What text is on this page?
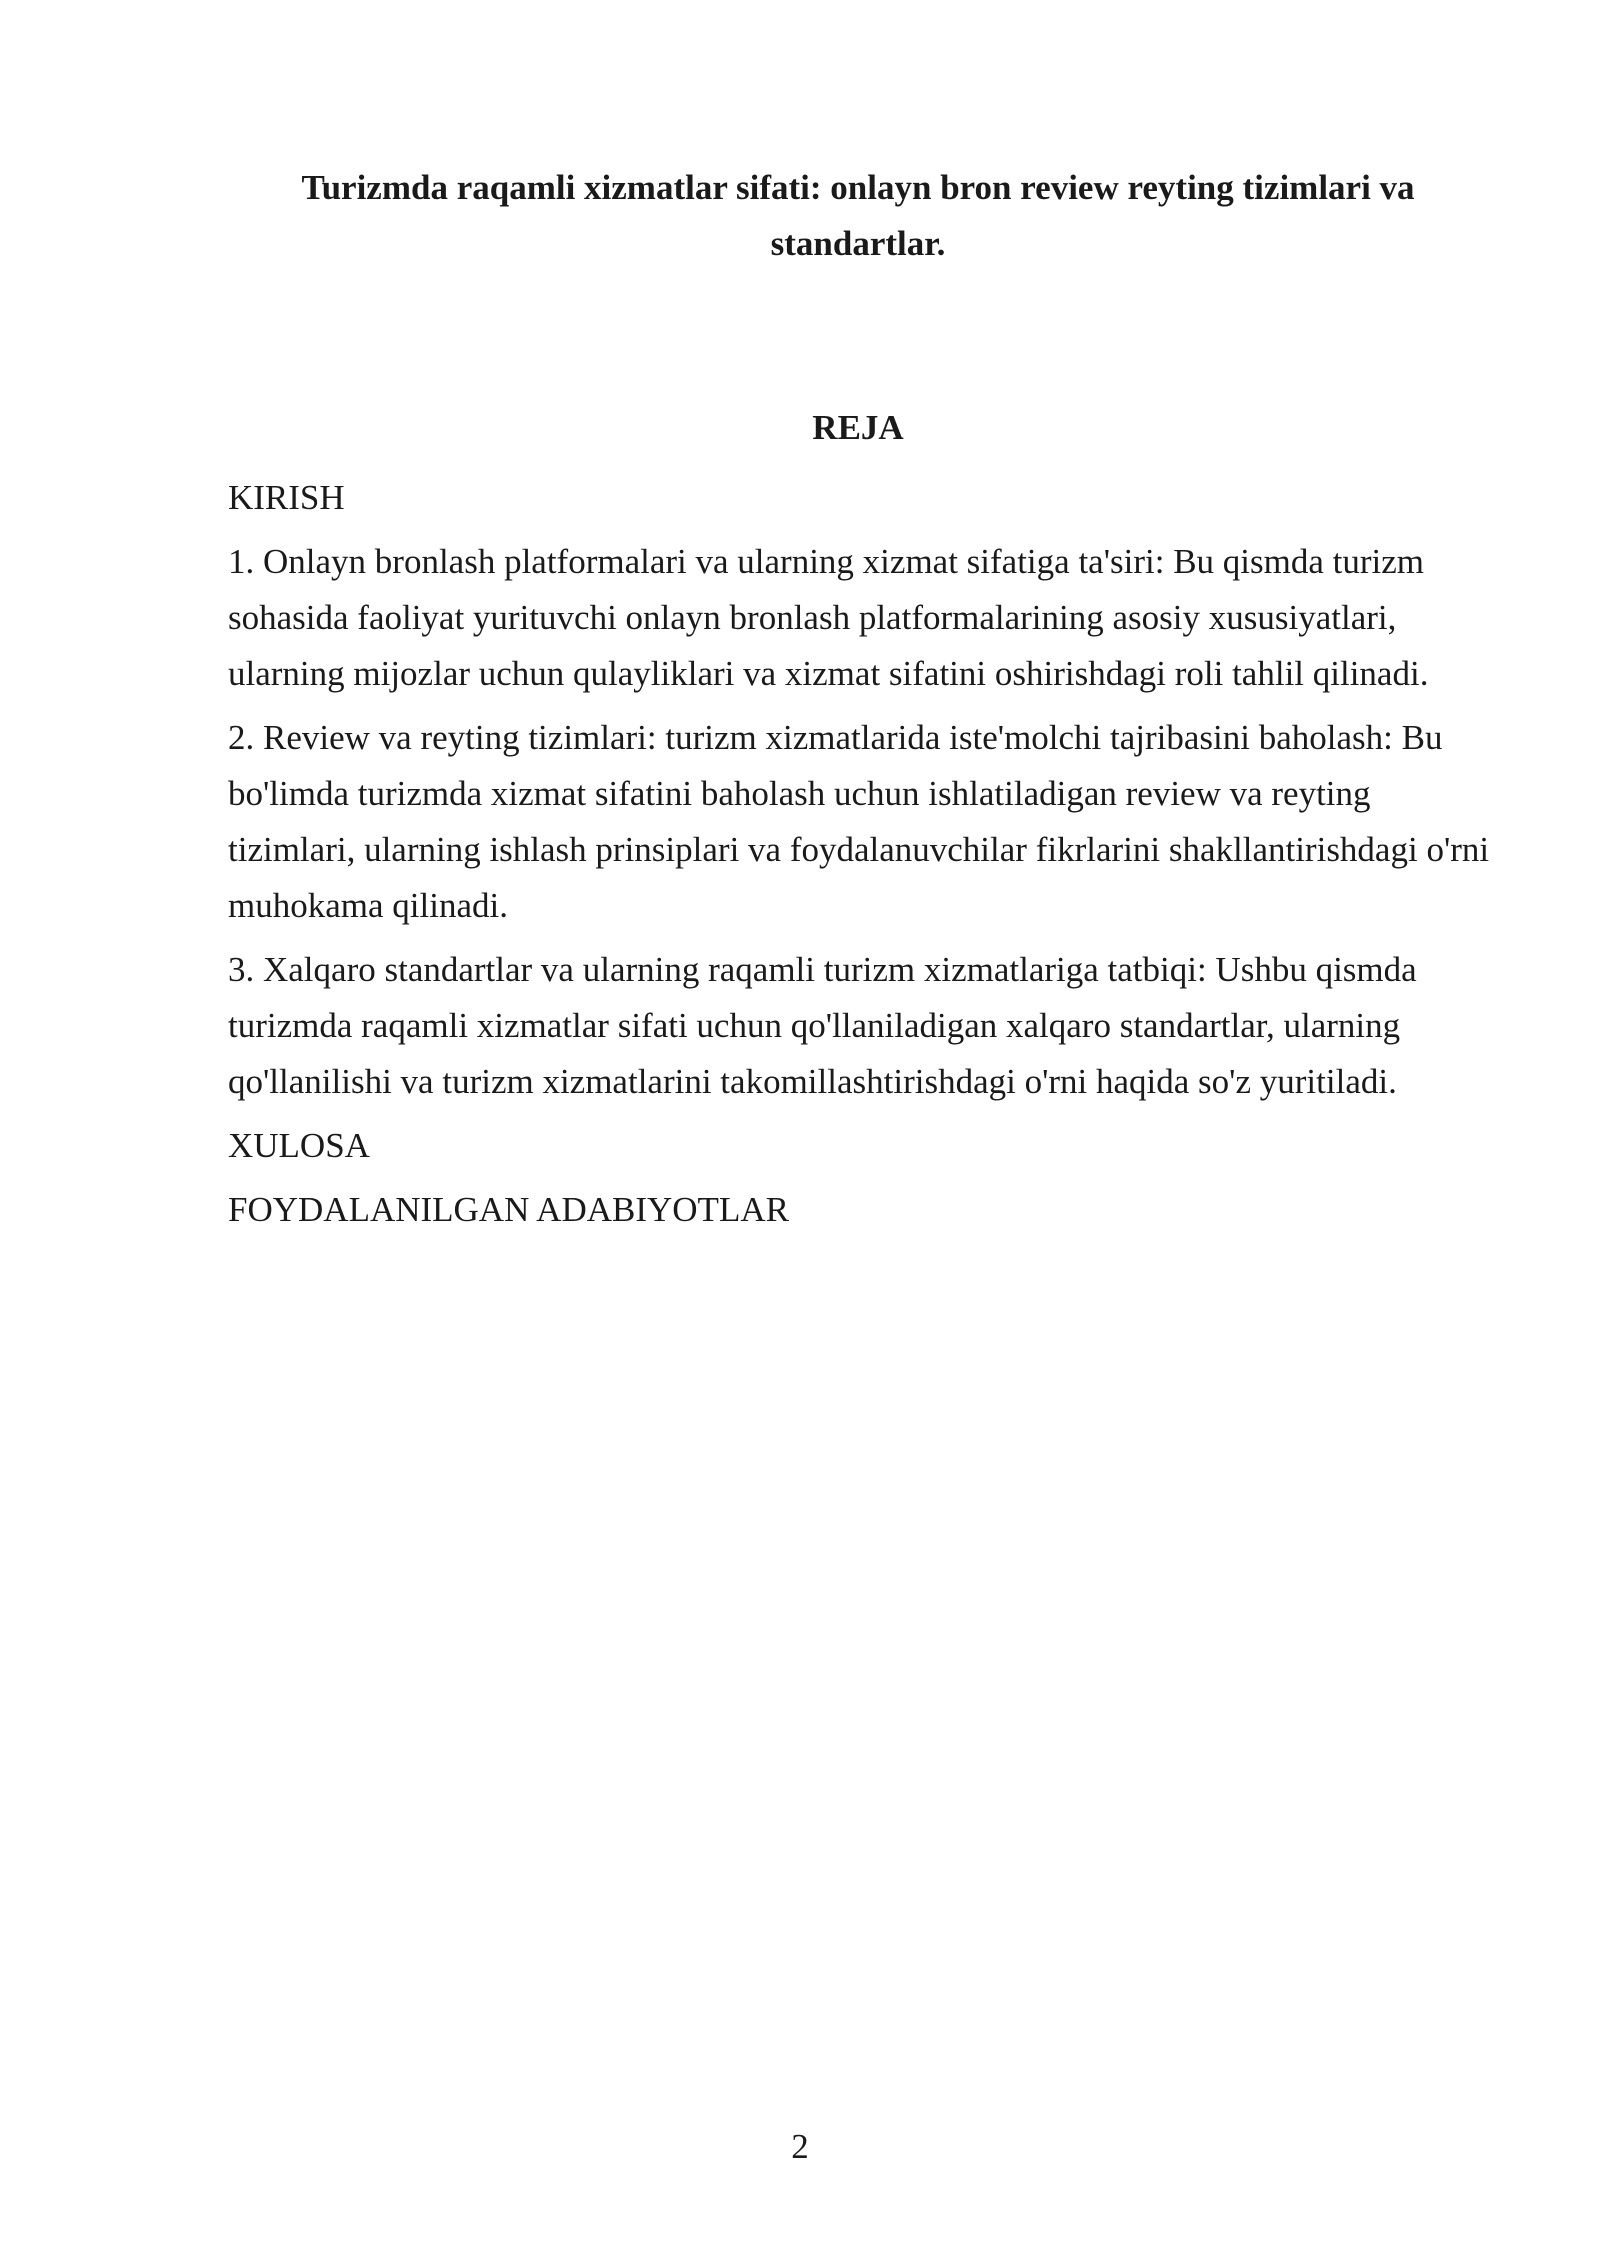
Turizmda raqamli xizmatlar sifati: onlayn bron review reyting tizimlari va standartlar.
REJA

KIRISH

1. Onlayn bronlash platformalari va ularning xizmat sifatiga ta'siri: Bu qismda turizm sohasida faoliyat yurituvchi onlayn bronlash platformalarining asosiy xususiyatlari, ularning mijozlar uchun qulayliklari va xizmat sifatini oshirishdagi roli tahlil qilinadi.

2. Review va reyting tizimlari: turizm xizmatlarida iste'molchi tajribasini baholash: Bu bo'limda turizmda xizmat sifatini baholash uchun ishlatiladigan review va reyting tizimlari, ularning ishlash prinsiplari va foydalanuvchilar fikrlarini shakllantirishdagi o'rni muhokama qilinadi.

3. Xalqaro standartlar va ularning raqamli turizm xizmatlariga tatbiqi: Ushbu qismda turizmda raqamli xizmatlar sifati uchun qo'llaniladigan xalqaro standartlar, ularning qo'llanilishi va turizm xizmatlarini takomillashtirishdagi o'rni haqida so'z yuritiladi.

XULOSA

FOYDALANILGAN ADABIYOTLAR

2
